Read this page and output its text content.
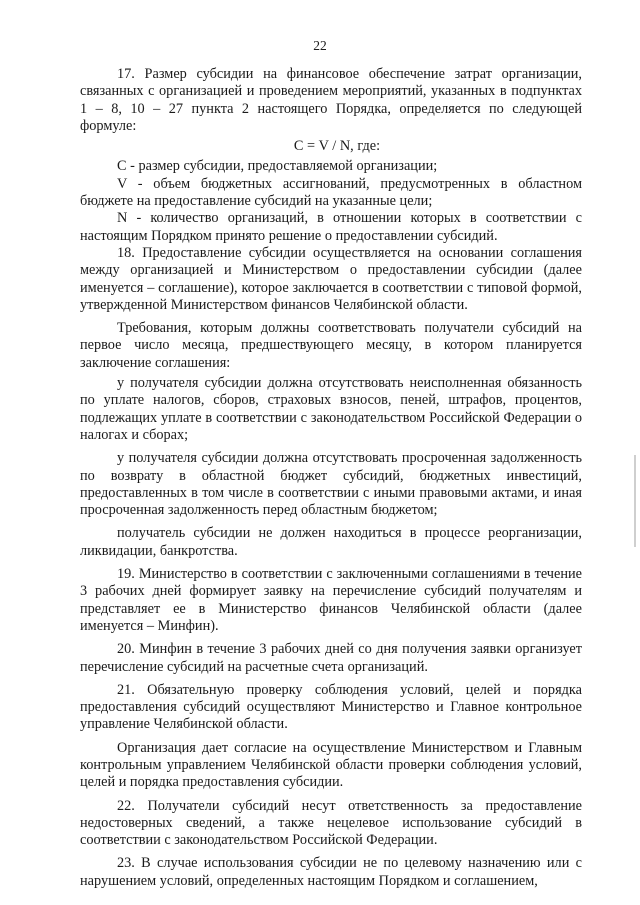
22

17. Размер субсидии на финансовое обеспечение затрат организации, связанных с организацией и проведением мероприятий, указанных в подпунктах 1 – 8, 10 – 27 пункта 2 настоящего Порядка, определяется по следующей формуле:

С = V / N, где:

С - размер субсидии, предоставляемой организации;

V - объем бюджетных ассигнований, предусмотренных в областном бюджете на предоставление субсидий на указанные цели;

N - количество организаций, в отношении которых в соответствии с настоящим Порядком принято решение о предоставлении субсидий.

18. Предоставление субсидии осуществляется на основании соглашения между организацией и Министерством о предоставлении субсидии (далее именуется – соглашение), которое заключается в соответствии с типовой формой, утвержденной Министерством финансов Челябинской области.

Требования, которым должны соответствовать получатели субсидий на первое число месяца, предшествующего месяцу, в котором планируется заключение соглашения:

у получателя субсидии должна отсутствовать неисполненная обязанность по уплате налогов, сборов, страховых взносов, пеней, штрафов, процентов, подлежащих уплате в соответствии с законодательством Российской Федерации о налогах и сборах;

у получателя субсидии должна отсутствовать просроченная задолженность по возврату в областной бюджет субсидий, бюджетных инвестиций, предоставленных в том числе в соответствии с иными правовыми актами, и иная просроченная задолженность перед областным бюджетом;

получатель субсидии не должен находиться в процессе реорганизации, ликвидации, банкротства.

19. Министерство в соответствии с заключенными соглашениями в течение 3 рабочих дней формирует заявку на перечисление субсидий получателям и представляет ее в Министерство финансов Челябинской области (далее именуется – Минфин).

20. Минфин в течение 3 рабочих дней со дня получения заявки организует перечисление субсидий на расчетные счета организаций.

21. Обязательную проверку соблюдения условий, целей и порядка предоставления субсидий осуществляют Министерство и Главное контрольное управление Челябинской области.

Организация дает согласие на осуществление Министерством и Главным контрольным управлением Челябинской области проверки соблюдения условий, целей и порядка предоставления субсидии.

22. Получатели субсидий несут ответственность за предоставление недостоверных сведений, а также нецелевое использование субсидий в соответствии с законодательством Российской Федерации.

23. В случае использования субсидии не по целевому назначению или с нарушением условий, определенных настоящим Порядком и соглашением,
